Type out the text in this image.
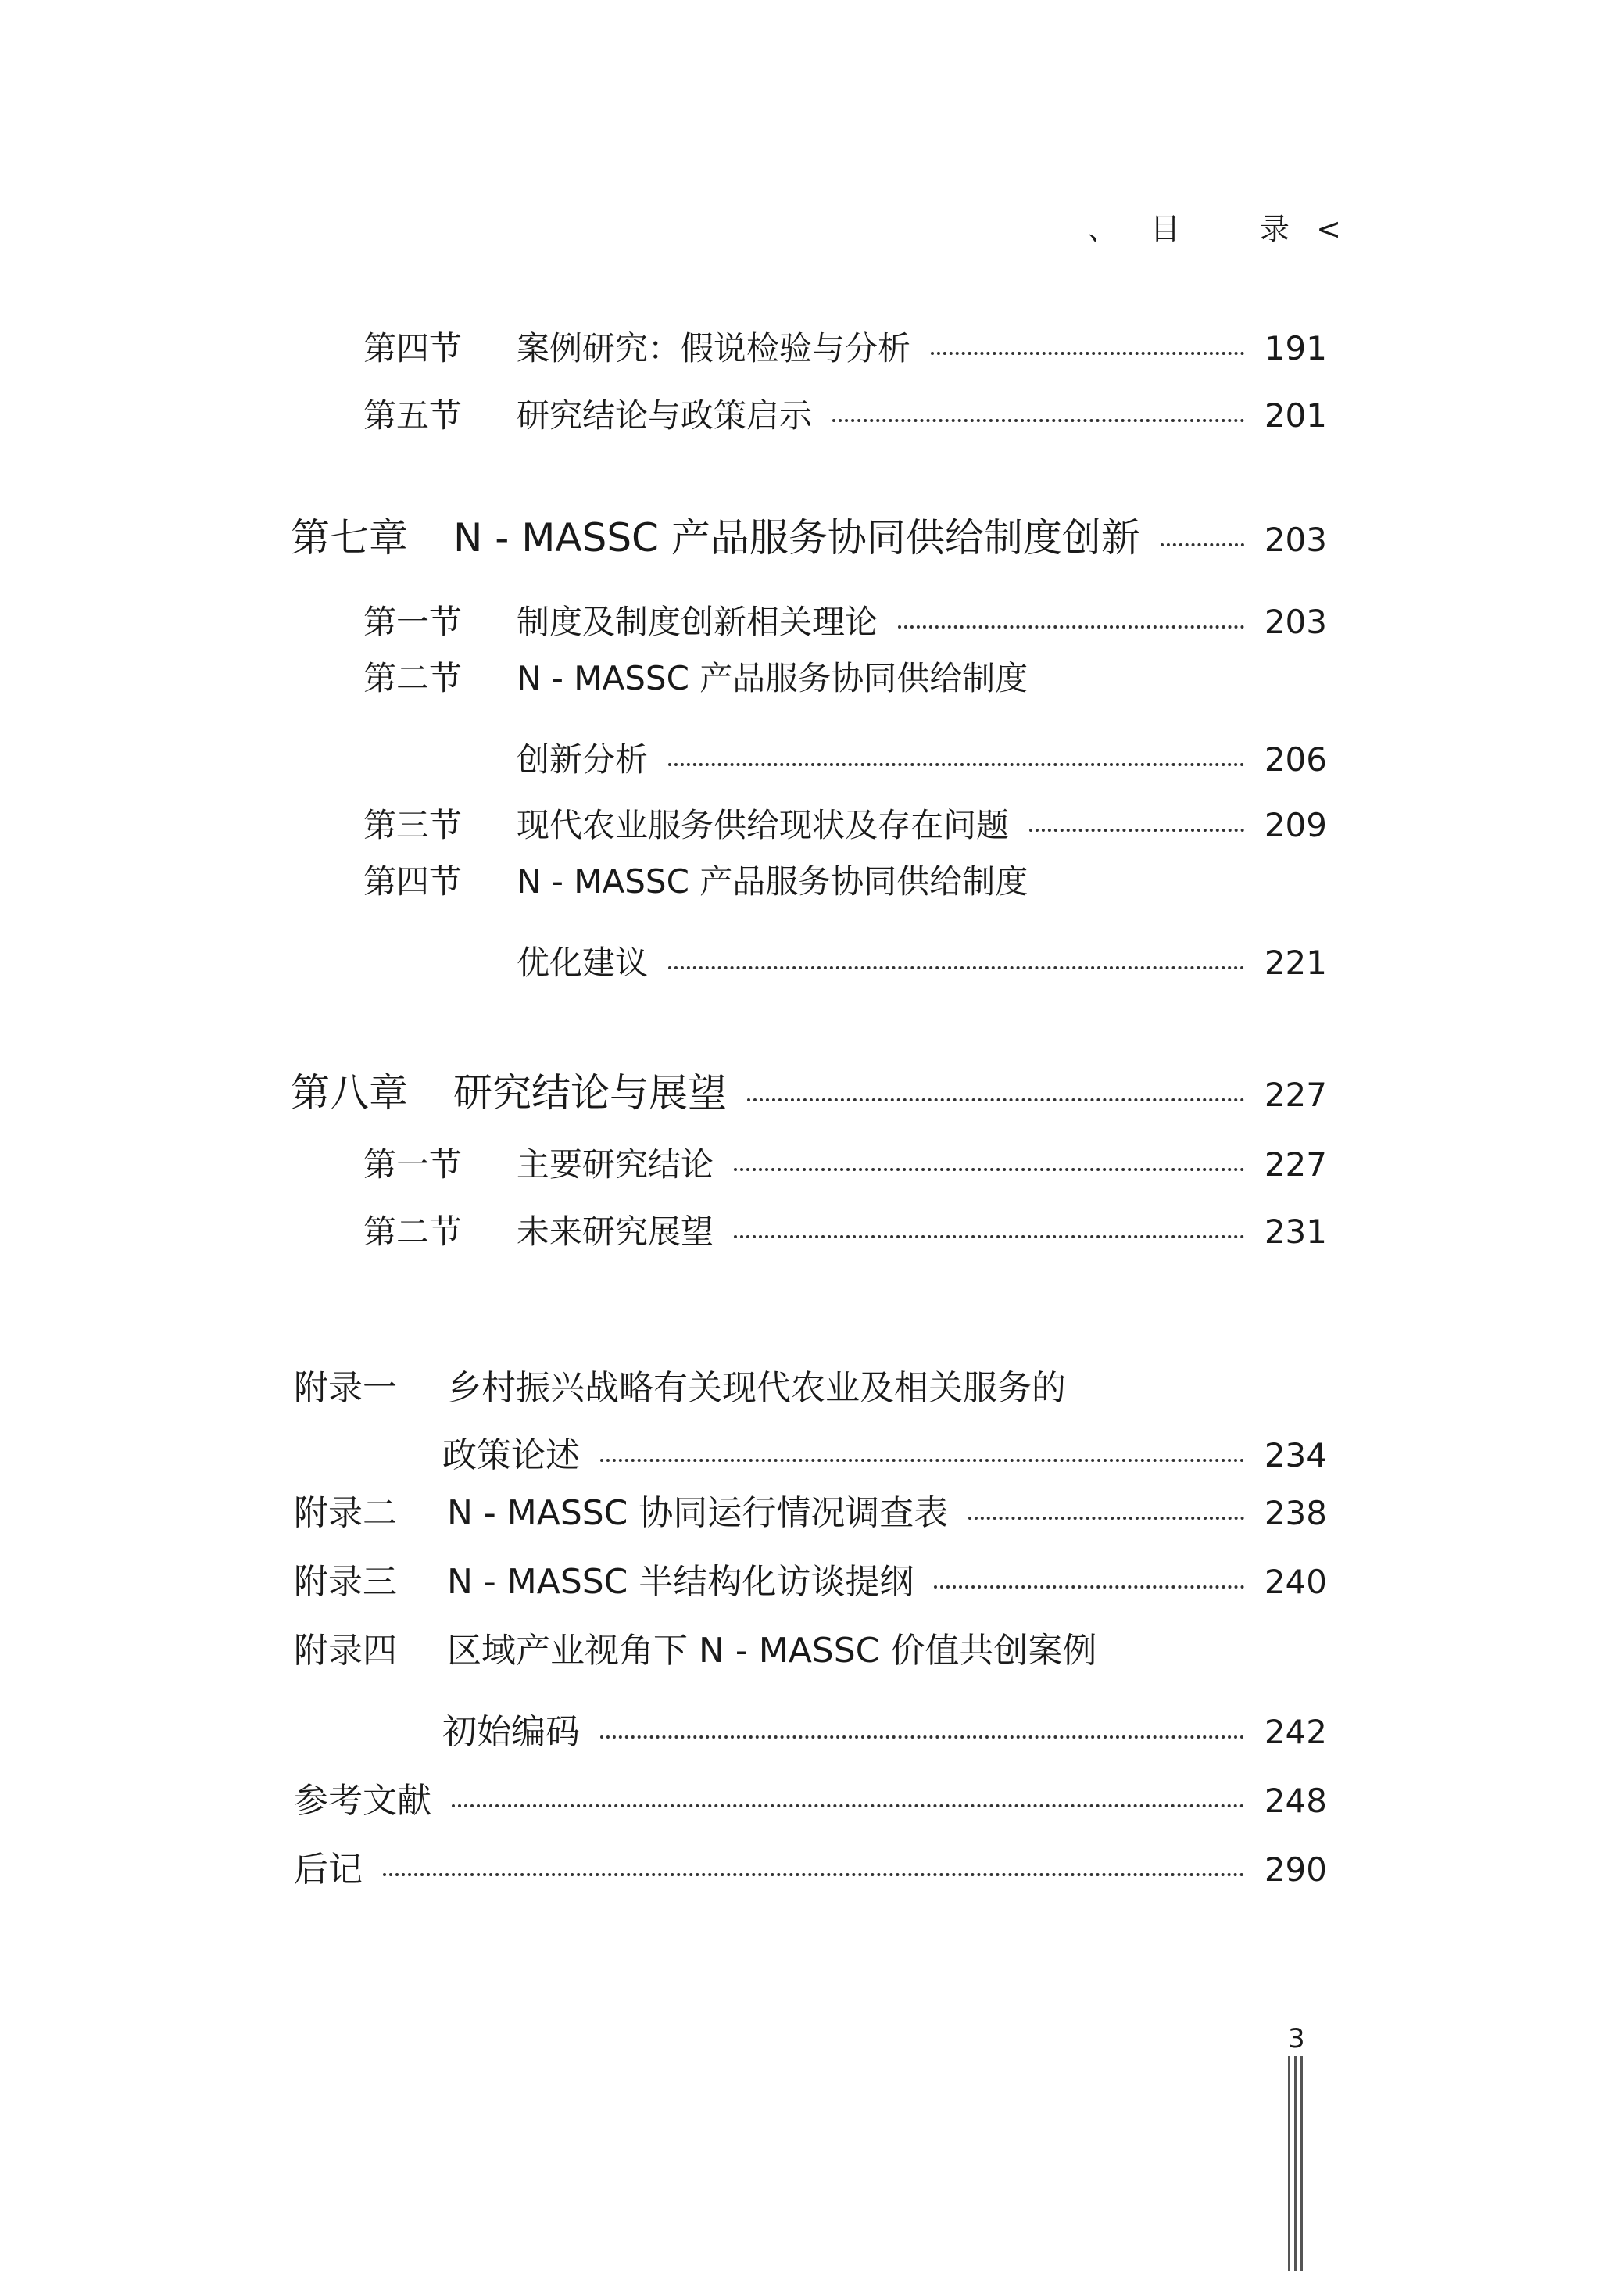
、 目	录 <
第四节	案例研究：假说检验与分析	191
第五节	研究结论与政策启示	201
第七章	N - MASSC 产品服务协同供给制度创新	203
第一节	制度及制度创新相关理论	203
第二节 N - MASSC 产品服务协同供给制度
创新分析	206
第三节	现代农业服务供给现状及存在问题	209
第四节 N - MASSC 产品服务协同供给制度
优化建议	221
第八章	研究结论与展望	227
第一节	主要研究结论	227
第二节	未来研究展望	231
附录一 乡村振兴战略有关现代农业及相关服务的
政策论述	234
附录二	N - MASSC 协同运行情况调查表	238
附录三	N - MASSC 半结构化访谈提纲	240
附录四 区域产业视角下 N - MASSC 价值共创案例
初始编码	242
参考文献	248
后记	290
3
